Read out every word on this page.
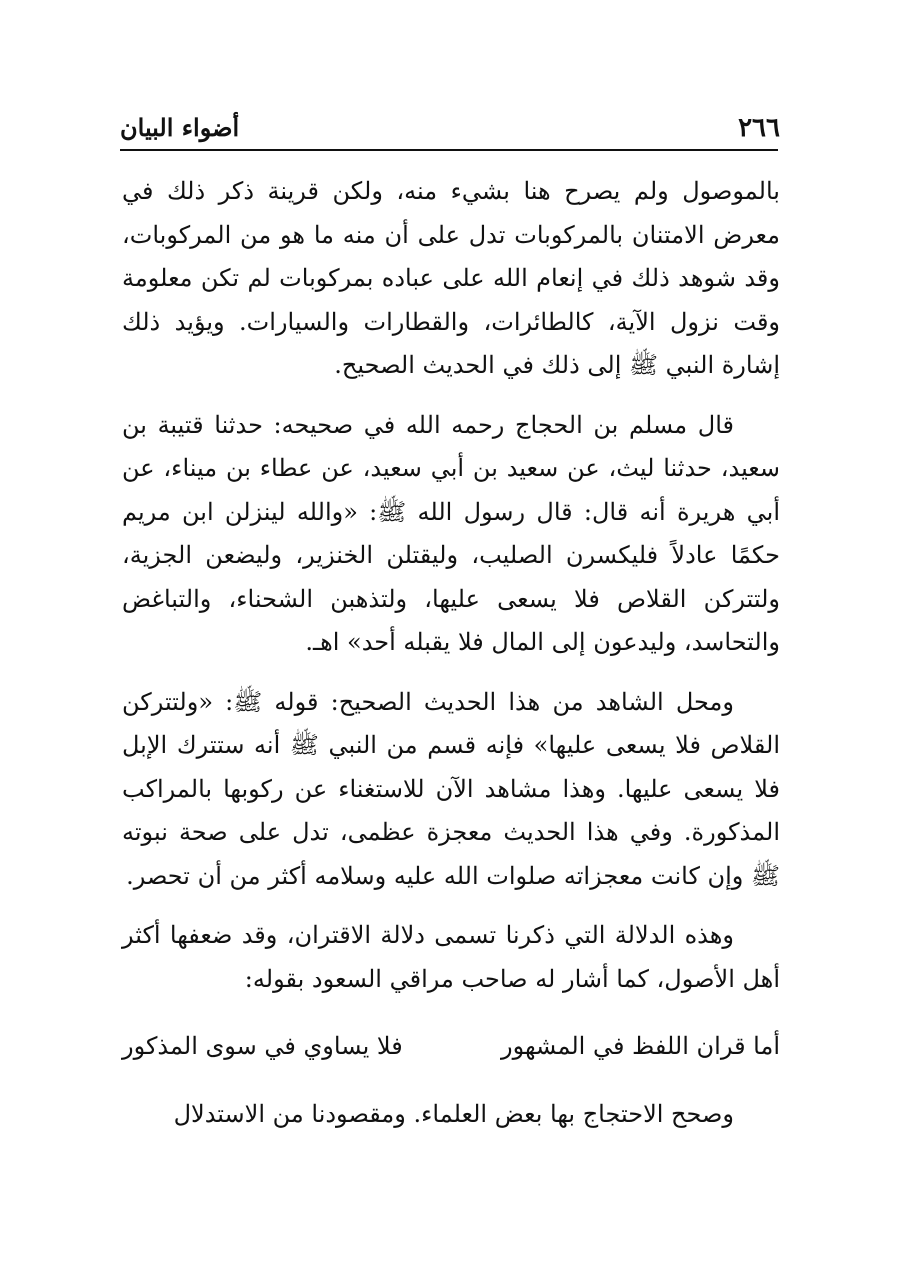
٢٦٦
أضواء البيان

بالموصول ولم يصرح هنا بشيء منه، ولكن قرينة ذكر ذلك في معرض الامتنان بالمركوبات تدل على أن منه ما هو من المركوبات، وقد شوهد ذلك في إنعام الله على عباده بمركوبات لم تكن معلومة وقت نزول الآية، كالطائرات، والقطارات والسيارات. ويؤيد ذلك إشارة النبي ﷺ إلى ذلك في الحديث الصحيح.

قال مسلم بن الحجاج رحمه الله في صحيحه: حدثنا قتيبة بن سعيد، حدثنا ليث، عن سعيد بن أبي سعيد، عن عطاء بن ميناء، عن أبي هريرة أنه قال: قال رسول الله ﷺ: «والله لينزلن ابن مريم حكمًا عادلاً فليكسرن الصليب، وليقتلن الخنزير، وليضعن الجزية، ولتتركن القلاص فلا يسعى عليها، ولتذهبن الشحناء، والتباغض والتحاسد، وليدعون إلى المال فلا يقبله أحد» اهـ.

ومحل الشاهد من هذا الحديث الصحيح: قوله ﷺ: «ولتتركن القلاص فلا يسعى عليها» فإنه قسم من النبي ﷺ أنه ستترك الإبل فلا يسعى عليها. وهذا مشاهد الآن للاستغناء عن ركوبها بالمراكب المذكورة. وفي هذا الحديث معجزة عظمى، تدل على صحة نبوته ﷺ وإن كانت معجزاته صلوات الله عليه وسلامه أكثر من أن تحصر.

وهذه الدلالة التي ذكرنا تسمى دلالة الاقتران، وقد ضعفها أكثر أهل الأصول، كما أشار له صاحب مراقي السعود بقوله:

أما قران اللفظ في المشهور
فلا يساوي في سوى المذكور

وصحح الاحتجاج بها بعض العلماء. ومقصودنا من الاستدلال
